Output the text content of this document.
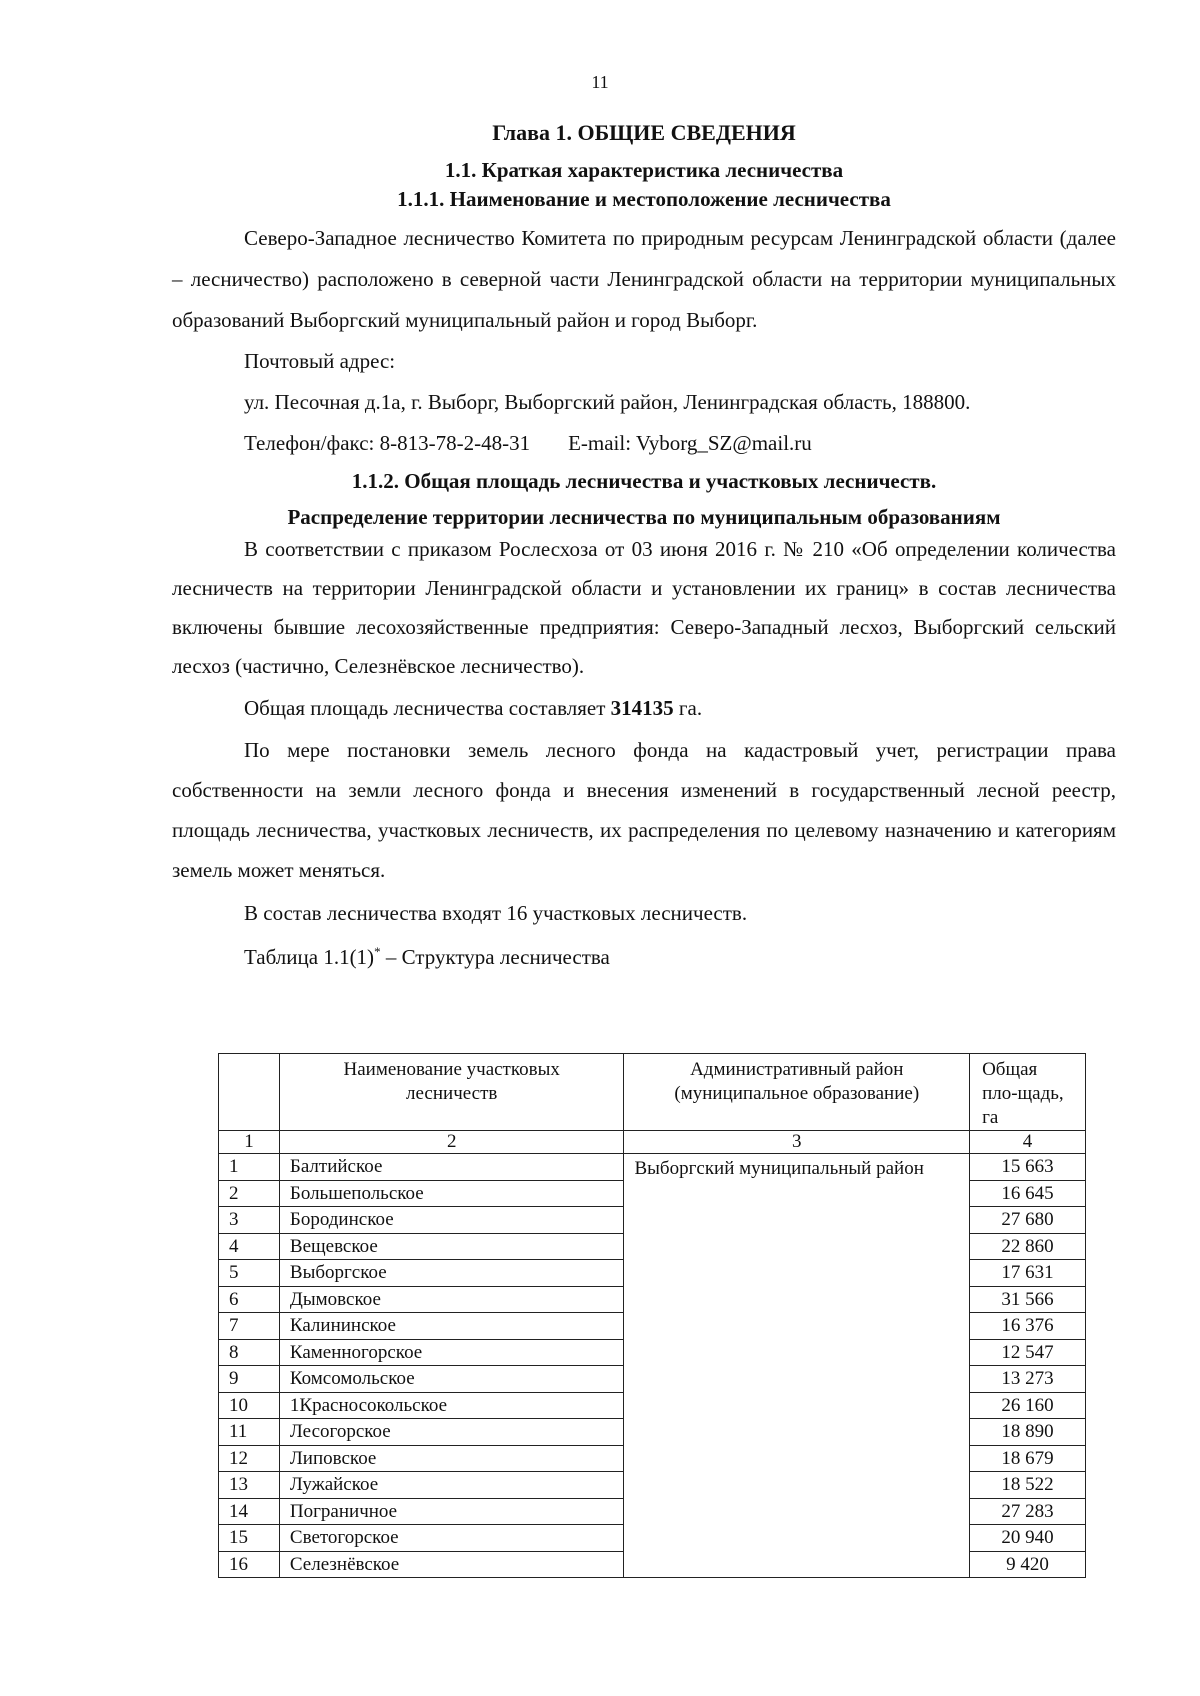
11
Глава 1. ОБЩИЕ СВЕДЕНИЯ
1.1. Краткая характеристика лесничества
1.1.1. Наименование и местоположение лесничества

Северо-Западное лесничество Комитета по природным ресурсам Ленинградской области (далее – лесничество) расположено в северной части Ленинградской области на территории муниципальных образований Выборгский муниципальный район и город Выборг.

Почтовый адрес:

ул. Песочная д.1а, г. Выборг, Выборгский район, Ленинградская область, 188800.

Телефон/факс: 8-813-78-2-48-31 E-mail: Vyborg_SZ@mail.ru
1.1.2. Общая площадь лесничества и участковых лесничеств.
Распределение территории лесничества по муниципальным образованиям

В соответствии с приказом Рослесхоза от 03 июня 2016 г. № 210 «Об определении количества лесничеств на территории Ленинградской области и установлении их границ» в состав лесничества включены бывшие лесохозяйственные предприятия: Северо-Западный лесхоз, Выборгский сельский лесхоз (частично, Селезнёвское лесничество).

Общая площадь лесничества составляет 314135 га.

По мере постановки земель лесного фонда на кадастровый учет, регистрации права собственности на земли лесного фонда и внесения изменений в государственный лесной реестр, площадь лесничества, участковых лесничеств, их распределения по целевому назначению и категориям земель может меняться.

В состав лесничества входят 16 участковых лесничеств.

Таблица 1.1(1)* – Структура лесничества
	Наименование участковых лесничеств	Административный район (муниципальное образование)	Общая пло-щадь, га
1	2	3	4
1	Балтийское	Выборгский муниципальный район	15 663
2	Большепольское		16 645
3	Бородинское		27 680
4	Вещевское		22 860
5	Выборгское		17 631
6	Дымовское		31 566
7	Калининское		16 376
8	Каменногорское		12 547
9	Комсомольское		13 273
10	1Красносокольское		26 160
11	Лесогорское		18 890
12	Липовское		18 679
13	Лужайское		18 522
14	Пограничное		27 283
15	Светогорское		20 940
16	Селезнёвское		9 420
